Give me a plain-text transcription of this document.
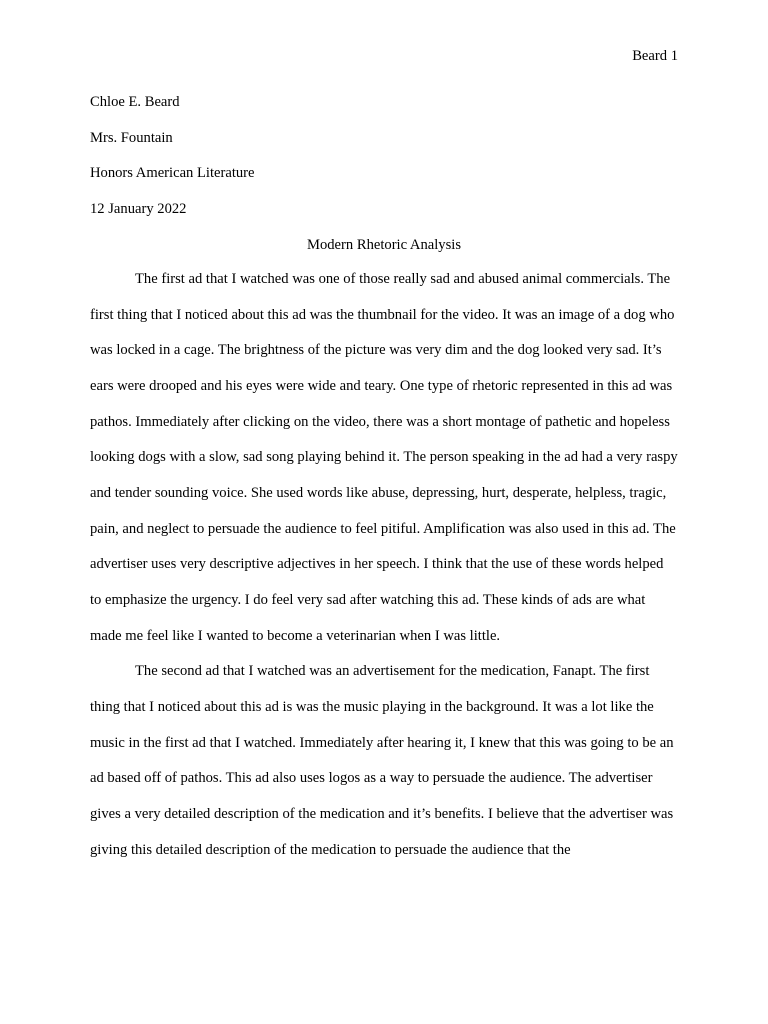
Beard 1
Chloe E. Beard
Mrs. Fountain
Honors American Literature
12 January 2022
Modern Rhetoric Analysis

The first ad that I watched was one of those really sad and abused animal commercials. The first thing that I noticed about this ad was the thumbnail for the video. It was an image of a dog who was locked in a cage. The brightness of the picture was very dim and the dog looked very sad. It’s ears were drooped and his eyes were wide and teary. One type of rhetoric represented in this ad was pathos. Immediately after clicking on the video, there was a short montage of pathetic and hopeless looking dogs with a slow, sad song playing behind it. The person speaking in the ad had a very raspy and tender sounding voice. She used words like abuse, depressing, hurt, desperate, helpless, tragic, pain, and neglect to persuade the audience to feel pitiful. Amplification was also used in this ad. The advertiser uses very descriptive adjectives in her speech. I think that the use of these words helped to emphasize the urgency. I do feel very sad after watching this ad. These kinds of ads are what made me feel like I wanted to become a veterinarian when I was little.

The second ad that I watched was an advertisement for the medication, Fanapt. The first thing that I noticed about this ad is was the music playing in the background. It was a lot like the music in the first ad that I watched. Immediately after hearing it, I knew that this was going to be an ad based off of pathos. This ad also uses logos as a way to persuade the audience. The advertiser gives a very detailed description of the medication and it’s benefits. I believe that the advertiser was giving this detailed description of the medication to persuade the audience that the
